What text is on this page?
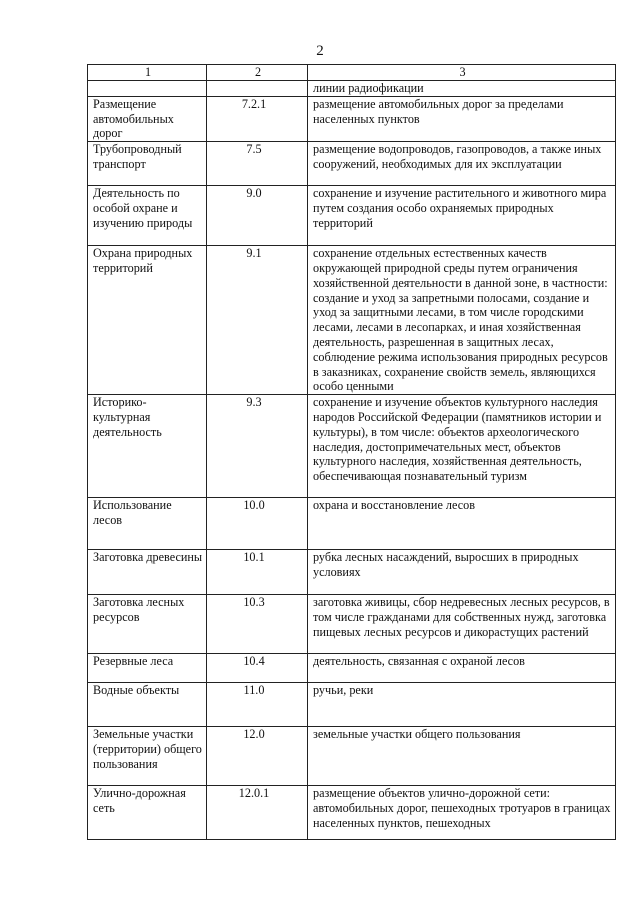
2
1	2	3

		линии радиофикации

Размещение автомобильных дорог	7.2.1	размещение автомобильных дорог за пределами населенных пунктов

Трубопроводный транспорт	7.5	размещение водопроводов, газопроводов, а также иных сооружений, необходимых для их эксплуатации

Деятельность по особой охране и изучению природы	9.0	сохранение и изучение растительного и животного мира путем создания особо охраняемых природных территорий

Охрана природных территорий	9.1	сохранение отдельных естественных качеств окружающей природной среды путем ограничения хозяйственной деятельности в данной зоне, в частности: создание и уход за запретными полосами, создание и уход за защитными лесами, в том числе городскими лесами, лесами в лесопарках, и иная хозяйственная деятельность, разрешенная в защитных лесах, соблюдение режима использования природных ресурсов в заказниках, сохранение свойств земель, являющихся особо ценными

Историко-культурная деятельность	9.3	сохранение и изучение объектов культурного наследия народов Российской Федерации (памятников истории и культуры), в том числе: объектов археологического наследия, достопримечательных мест, объектов культурного наследия, хозяйственная деятельность, обеспечивающая познавательный туризм

Использование лесов	10.0	охрана и восстановление лесов

Заготовка древесины	10.1	рубка лесных насаждений, выросших в природных условиях

Заготовка лесных ресурсов	10.3	заготовка живицы, сбор недревесных лесных ресурсов, в том числе гражданами для собственных нужд, заготовка пищевых лесных ресурсов и дикорастущих растений

Резервные леса	10.4	деятельность, связанная с охраной лесов

Водные объекты	11.0	ручьи, реки

Земельные участки (территории) общего пользования	12.0	земельные участки общего пользования

Улично-дорожная сеть	12.0.1	размещение объектов улично-дорожной сети: автомобильных дорог, пешеходных тротуаров в границах населенных пунктов, пешеходных
